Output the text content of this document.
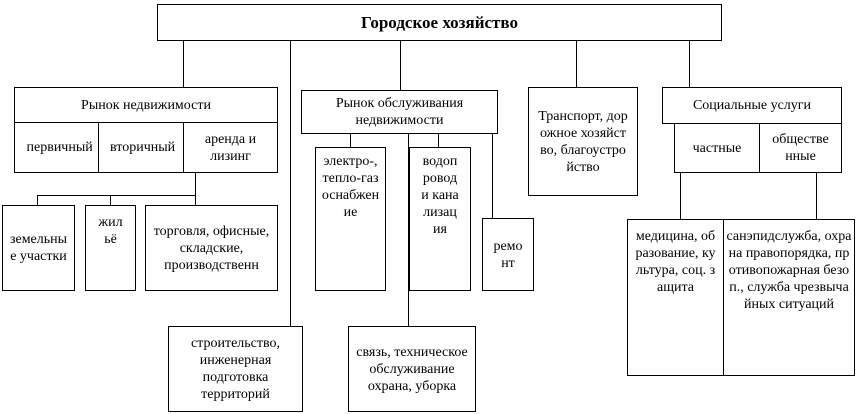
Городское хозяйство
Рынок недвижимости
первичный вторичный
аренда и лизинг
земельные участки
жильё
торговля, офисные, складские, производственн
строительство, инженерная подготовка территорий
Рынок обслуживания недвижимости
электро-, тепло-газоснабжение
водопровод и канализация
ремонт
связь, техническое обслуживание охрана, уборка
Транспорт, дорожное хозяйство, благоустройство
Социальные услуги
частные
общественные
медицина, образование, культура, соц. защита
санэпидслужба, охрана правопорядка, противопожарная безоп., служба чрезвычайных ситуаций
